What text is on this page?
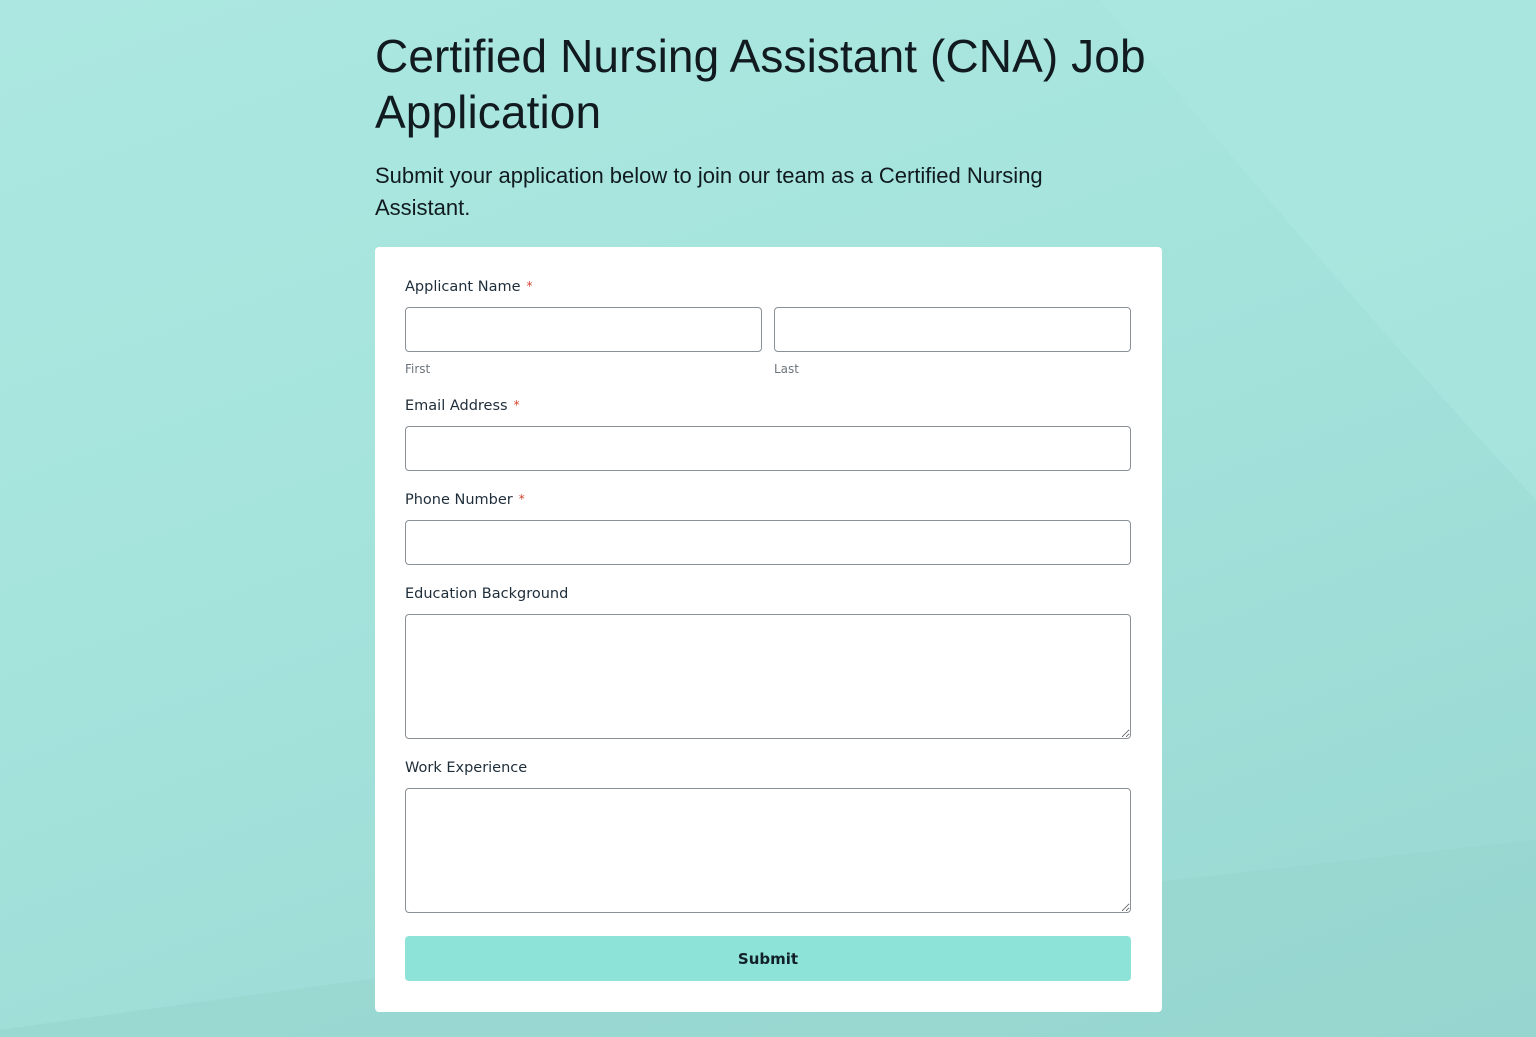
Certified Nursing Assistant (CNA) Job Application

Submit your application below to join our team as a Certified Nursing Assistant.

Applicant Name *
First	Last
Email Address *
Phone Number *
Education Background
Work Experience
Submit
